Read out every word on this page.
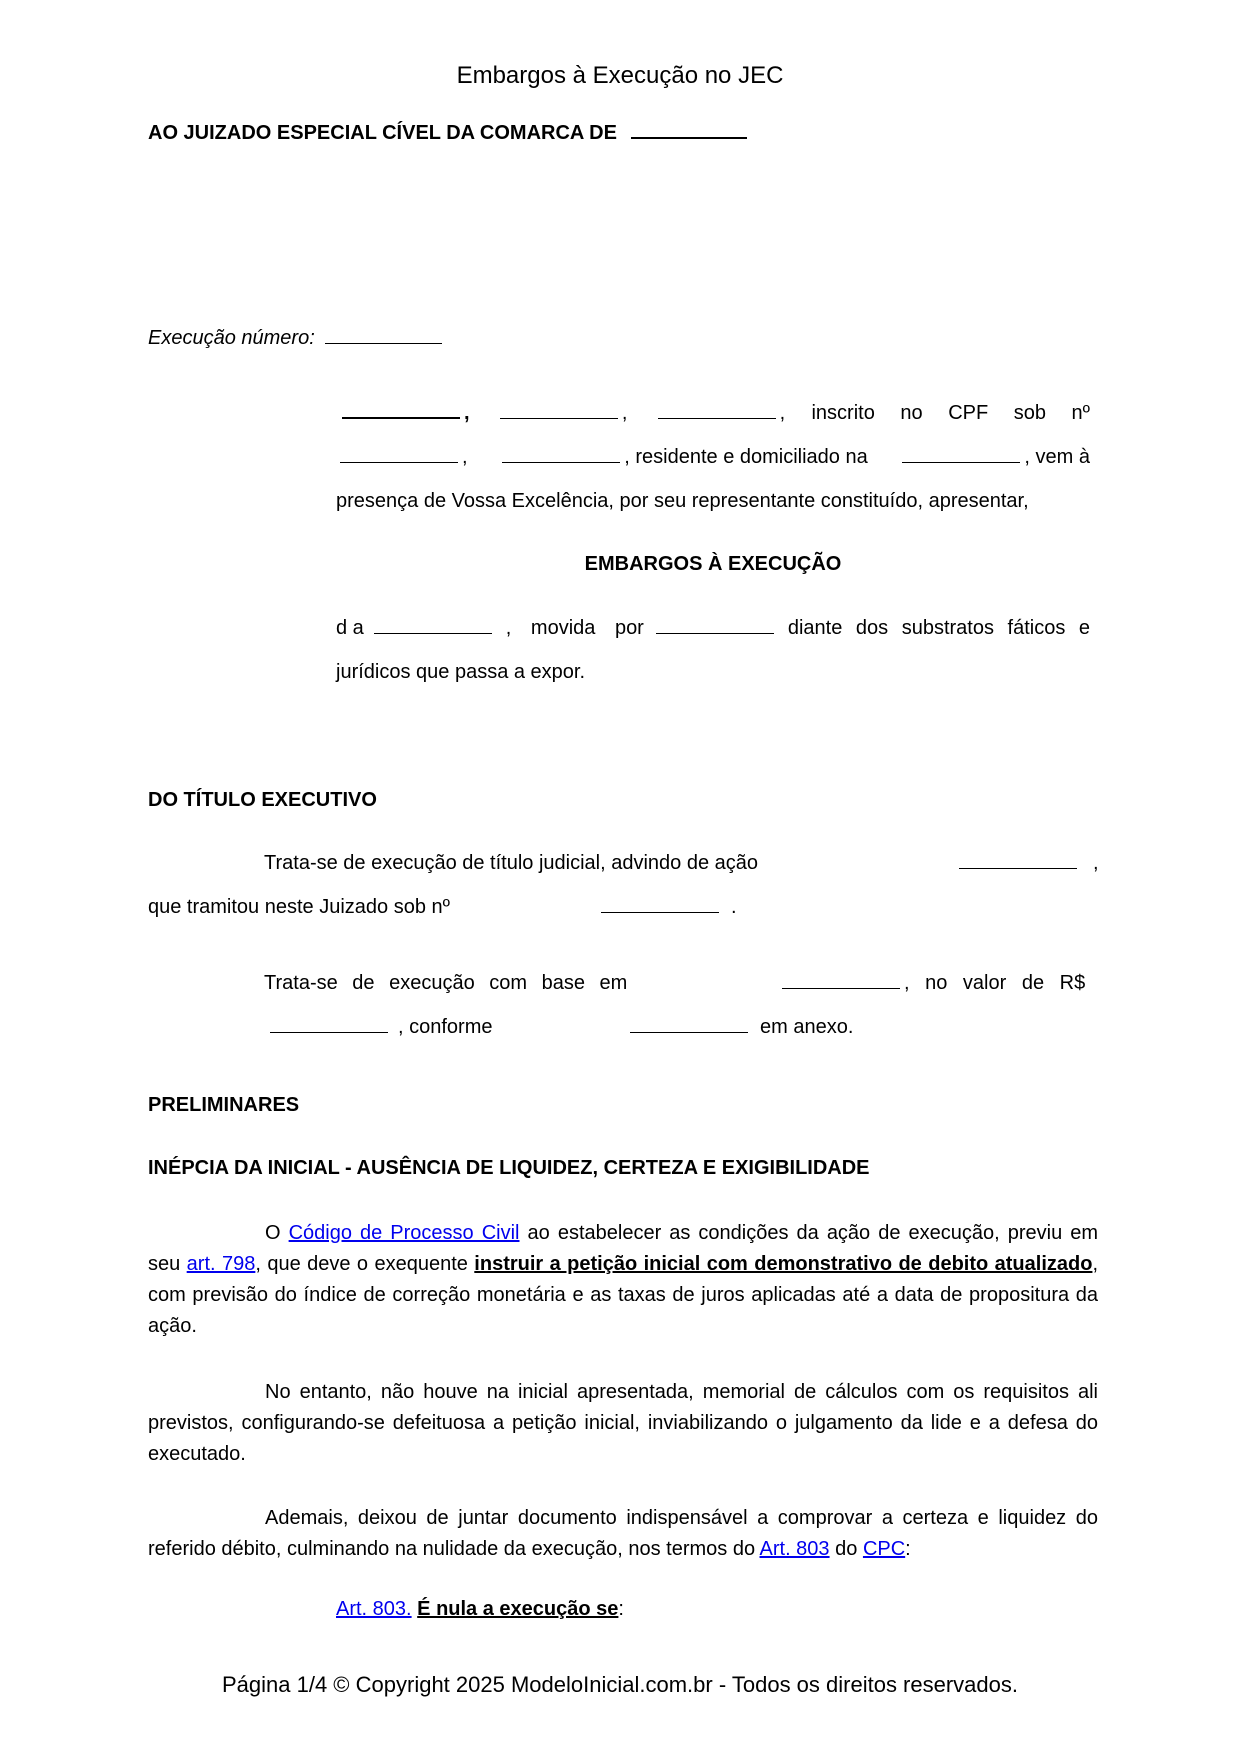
Embargos à Execução no JEC
AO JUIZADO ESPECIAL CÍVEL DA COMARCA DE
Execução número:
,	,	, inscrito no CPF sob nº
,	, residente e domiciliado na	, vem à
presença de Vossa Excelência, por seu representante constituído, apresentar,
EMBARGOS À EXECUÇÃO
d a	, movida por	diante dos substratos fáticos e
jurídicos que passa a expor.
DO TÍTULO EXECUTIVO
Trata-se de execução de título judicial, advindo de ação	,
que tramitou neste Juizado sob nº	.
Trata-se de execução com base em	, no valor de R$
, conforme	em anexo.
PRELIMINARES
INÉPCIA DA INICIAL - AUSÊNCIA DE LIQUIDEZ, CERTEZA E EXIGIBILIDADE
O Código de Processo Civil ao estabelecer as condições da ação de execução, previu em seu art. 798, que deve o exequente instruir a petição inicial com demonstrativo de debito atualizado, com previsão do índice de correção monetária e as taxas de juros aplicadas até a data de propositura da ação.
No entanto, não houve na inicial apresentada, memorial de cálculos com os requisitos ali previstos, configurando-se defeituosa a petição inicial, inviabilizando o julgamento da lide e a defesa do executado.
Ademais, deixou de juntar documento indispensável a comprovar a certeza e liquidez do referido débito, culminando na nulidade da execução, nos termos do Art. 803 do CPC:
Art. 803. É nula a execução se:
Página 1/4 © Copyright 2025 ModeloInicial.com.br - Todos os direitos reservados.
